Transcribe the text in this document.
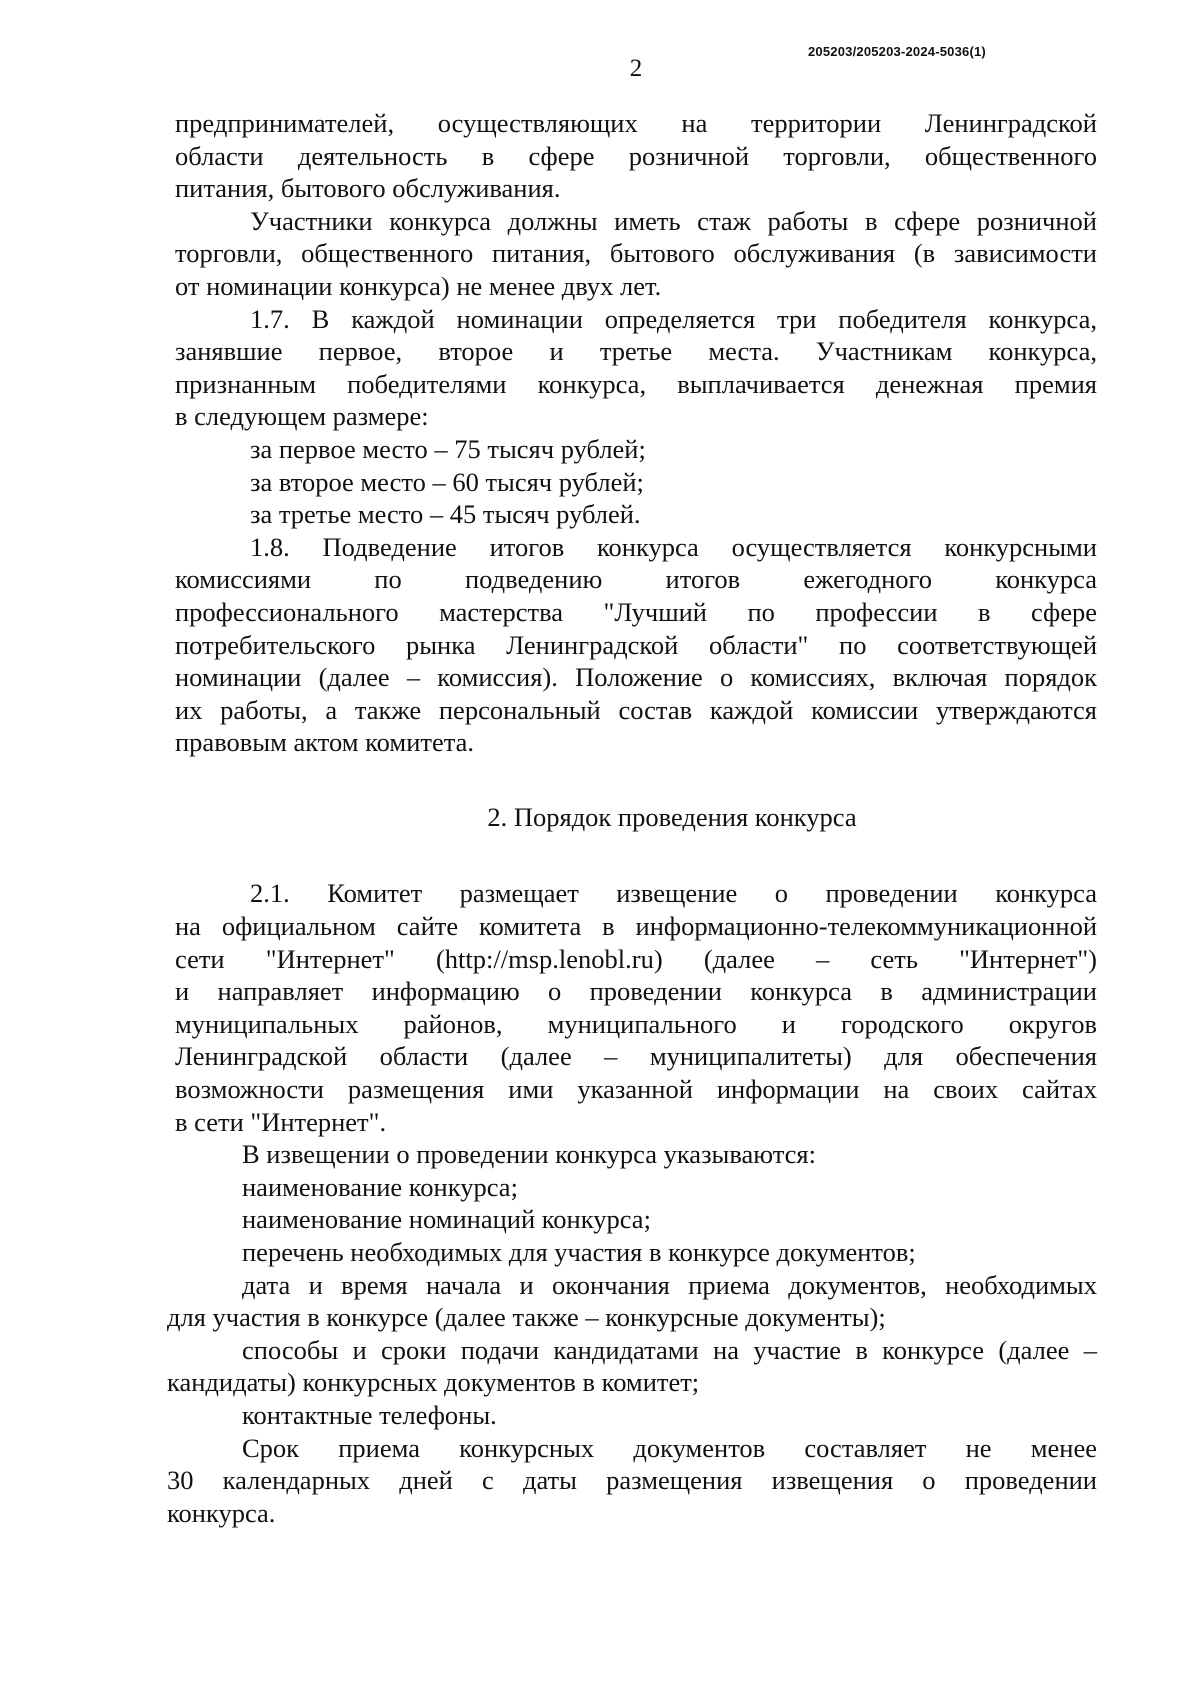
2
205203/205203-2024-5036(1)

предпринимателей, осуществляющих на территории Ленинградской

области деятельность в сфере розничной торговли, общественного

питания, бытового обслуживания.

Участники конкурса должны иметь стаж работы в сфере розничной

торговли, общественного питания, бытового обслуживания (в зависимости

от номинации конкурса) не менее двух лет.

1.7. В каждой номинации определяется три победителя конкурса,

занявшие первое, второе и третье места. Участникам конкурса,

признанным победителями конкурса, выплачивается денежная премия

в следующем размере:

за первое место – 75 тысяч рублей;

за второе место – 60 тысяч рублей;

за третье место – 45 тысяч рублей.

1.8. Подведение итогов конкурса осуществляется конкурсными

комиссиями по подведению итогов ежегодного конкурса

профессионального мастерства "Лучший по профессии в сфере

потребительского рынка Ленинградской области" по соответствующей

номинации (далее – комиссия). Положение о комиссиях, включая порядок

их работы, а также персональный состав каждой комиссии утверждаются

правовым актом комитета.

2. Порядок проведения конкурса

2.1. Комитет размещает извещение о проведении конкурса

на официальном сайте комитета в информационно-телекоммуникационной

сети "Интернет" (http://msp.lenobl.ru) (далее – сеть "Интернет")

и направляет информацию о проведении конкурса в администрации

муниципальных районов, муниципального и городского округов

Ленинградской области (далее – муниципалитеты) для обеспечения

возможности размещения ими указанной информации на своих сайтах

в сети "Интернет".

В извещении о проведении конкурса указываются:

наименование конкурса;

наименование номинаций конкурса;

перечень необходимых для участия в конкурсе документов;

дата и время начала и окончания приема документов, необходимых

для участия в конкурсе (далее также – конкурсные документы);

способы и сроки подачи кандидатами на участие в конкурсе (далее –

кандидаты) конкурсных документов в комитет;

контактные телефоны.

Срок приема конкурсных документов составляет не менее

30 календарных дней с даты размещения извещения о проведении

конкурса.
